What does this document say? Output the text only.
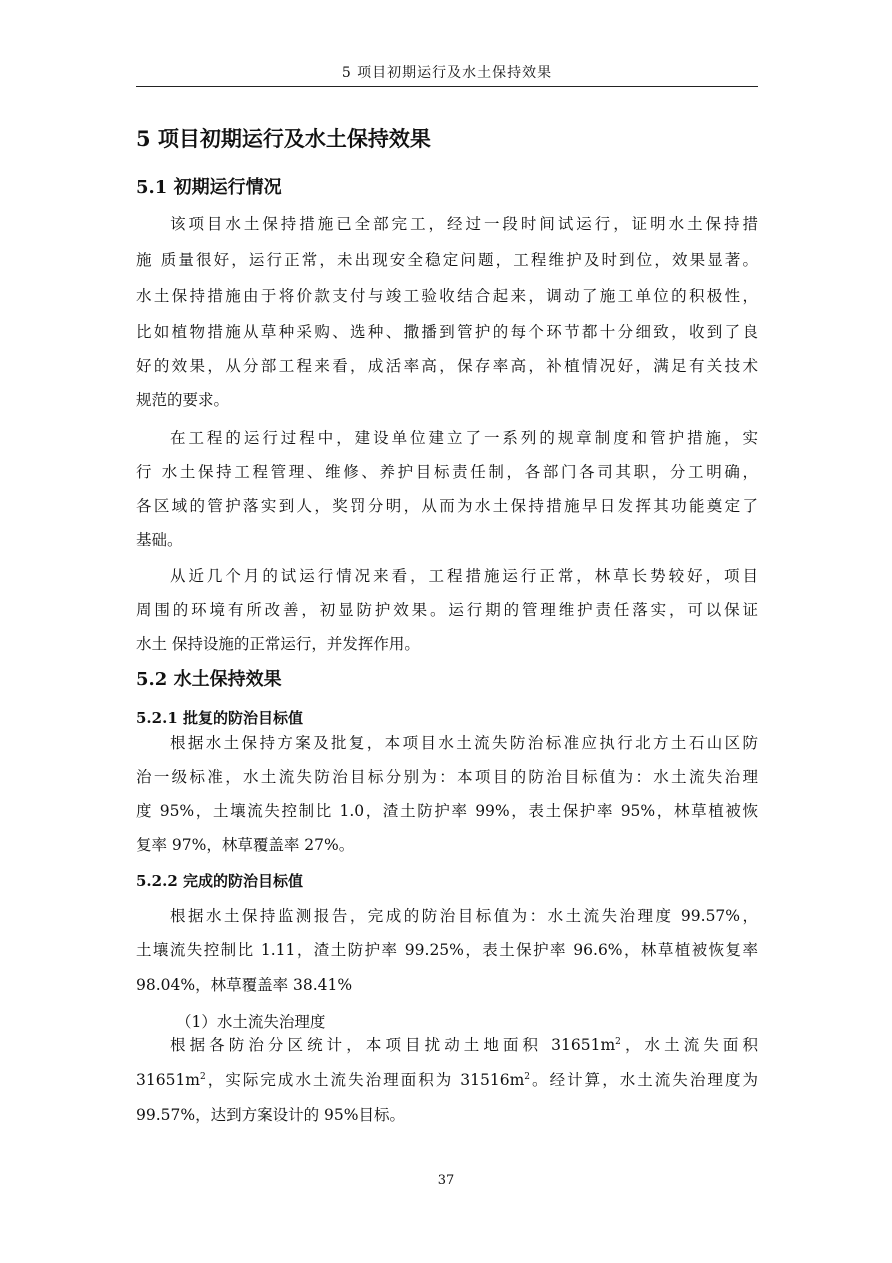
5 项目初期运行及水土保持效果
5 项目初期运行及水土保持效果
5.1 初期运行情况
该项目水土保持措施已全部完工，经过一段时间试运行，证明水土保持措
施 质量很好，运行正常，未出现安全稳定问题，工程维护及时到位，效果显著。
水土保持措施由于将价款支付与竣工验收结合起来，调动了施工单位的积极性，
比如植物措施从草种采购、选种、撒播到管护的每个环节都十分细致，收到了良
好的效果，从分部工程来看，成活率高，保存率高，补植情况好，满足有关技术
规范的要求。
在工程的运行过程中，建设单位建立了一系列的规章制度和管护措施，实
行 水土保持工程管理、维修、养护目标责任制，各部门各司其职，分工明确，
各区域的管护落实到人，奖罚分明，从而为水土保持措施早日发挥其功能奠定了
基础。
从近几个月的试运行情况来看，工程措施运行正常，林草长势较好，项目
周围的环境有所改善，初显防护效果。运行期的管理维护责任落实，可以保证
水土 保持设施的正常运行，并发挥作用。
5.2 水土保持效果
5.2.1 批复的防治目标值
根据水土保持方案及批复，本项目水土流失防治标准应执行北方土石山区防
治一级标准，水土流失防治目标分别为：本项目的防治目标值为：水土流失治理
度 95%，土壤流失控制比 1.0，渣土防护率 99%，表土保护率 95%，林草植被恢
复率 97%，林草覆盖率 27%。
5.2.2 完成的防治目标值
根据水土保持监测报告，完成的防治目标值为：水土流失治理度 99.57%，
土壤流失控制比 1.11，渣土防护率 99.25%，表土保护率 96.6%，林草植被恢复率
98.04%，林草覆盖率 38.41%
（1）水土流失治理度
根据各防治分区统计，本项目扰动土地面积 $31651m^2$，水土流失面积
$31651m^2$，实际完成水土流失治理面积为 $31516m^2$。经计算，水土流失治理度为
99.57%，达到方案设计的 95%目标。
37
